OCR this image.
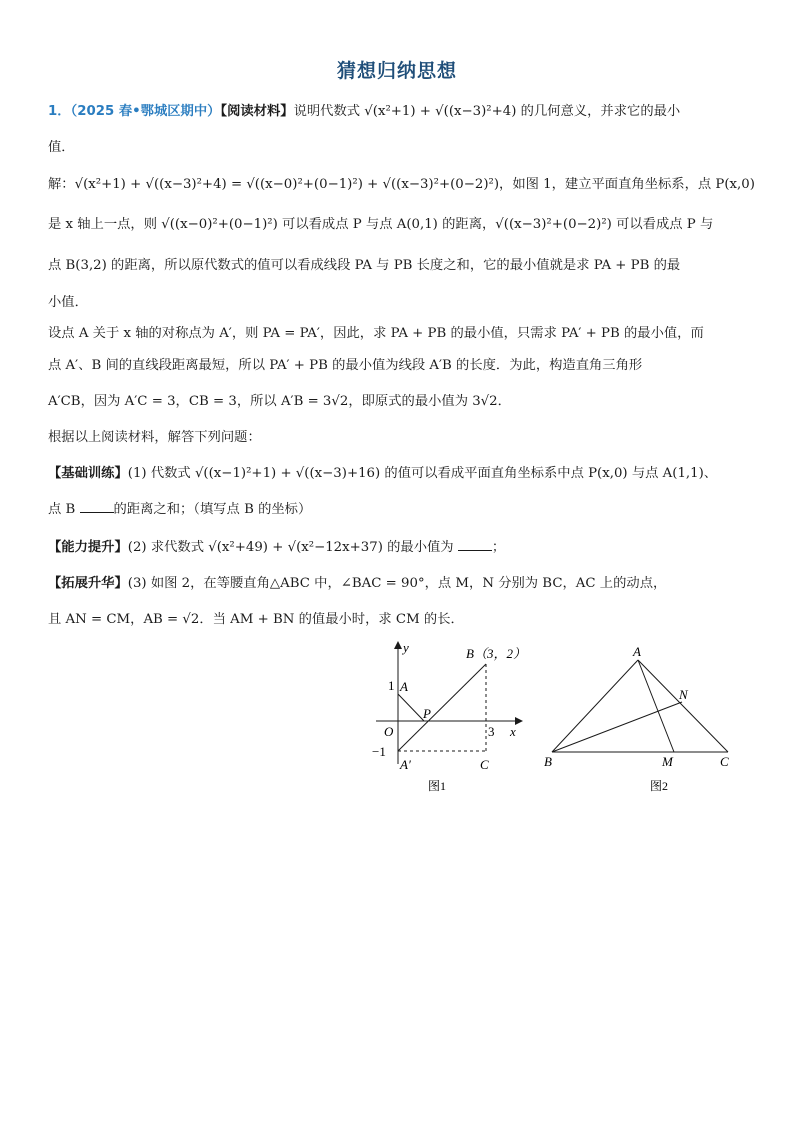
猜想归纳思想
1．（2025 春•鄂城区期中）【阅读材料】说明代数式 √(x²+1) + √((x−3)²+4) 的几何意义，并求它的最小
值．
解：√(x²+1) + √((x−3)²+4) = √((x−0)²+(0−1)²) + √((x−3)²+(0−2)²)，如图 1，建立平面直角坐标系，点 P(x,0)
是 x 轴上一点，则 √((x−0)²+(0−1)²) 可以看成点 P 与点 A(0,1) 的距离，√((x−3)²+(0−2)²) 可以看成点 P 与
点 B(3,2) 的距离，所以原代数式的值可以看成线段 PA 与 PB 长度之和，它的最小值就是求 PA + PB 的最
小值．
设点 A 关于 x 轴的对称点为 A′，则 PA = PA′，因此，求 PA + PB 的最小值，只需求 PA′ + PB 的最小值，而
点 A′、B 间的直线段距离最短，所以 PA′ + PB 的最小值为线段 A′B 的长度．为此，构造直角三角形
A′CB，因为 A′C = 3，CB = 3，所以 A′B = 3√2，即原式的最小值为 3√2．
根据以上阅读材料，解答下列问题：
【基础训练】(1) 代数式 √((x−1)²+1) + √((x−3)+16) 的值可以看成平面直角坐标系中点 P(x,0) 与点 A(1,1)、
点 B	的距离之和；（填写点 B 的坐标）
【能力提升】(2) 求代数式 √(x²+49) + √(x²−12x+37) 的最小值为	；
【拓展升华】(3) 如图 2，在等腰直角△ABC 中，∠BAC = 90°，点 M，N 分别为 BC，AC 上的动点，
且 AN = CM，AB = √2．当 AM + BN 的值最小时，求 CM 的长．
y
x
O
1
−1
3
A
P
A′	C
B（3，2）
图1
A
N
B	M	C
图2
